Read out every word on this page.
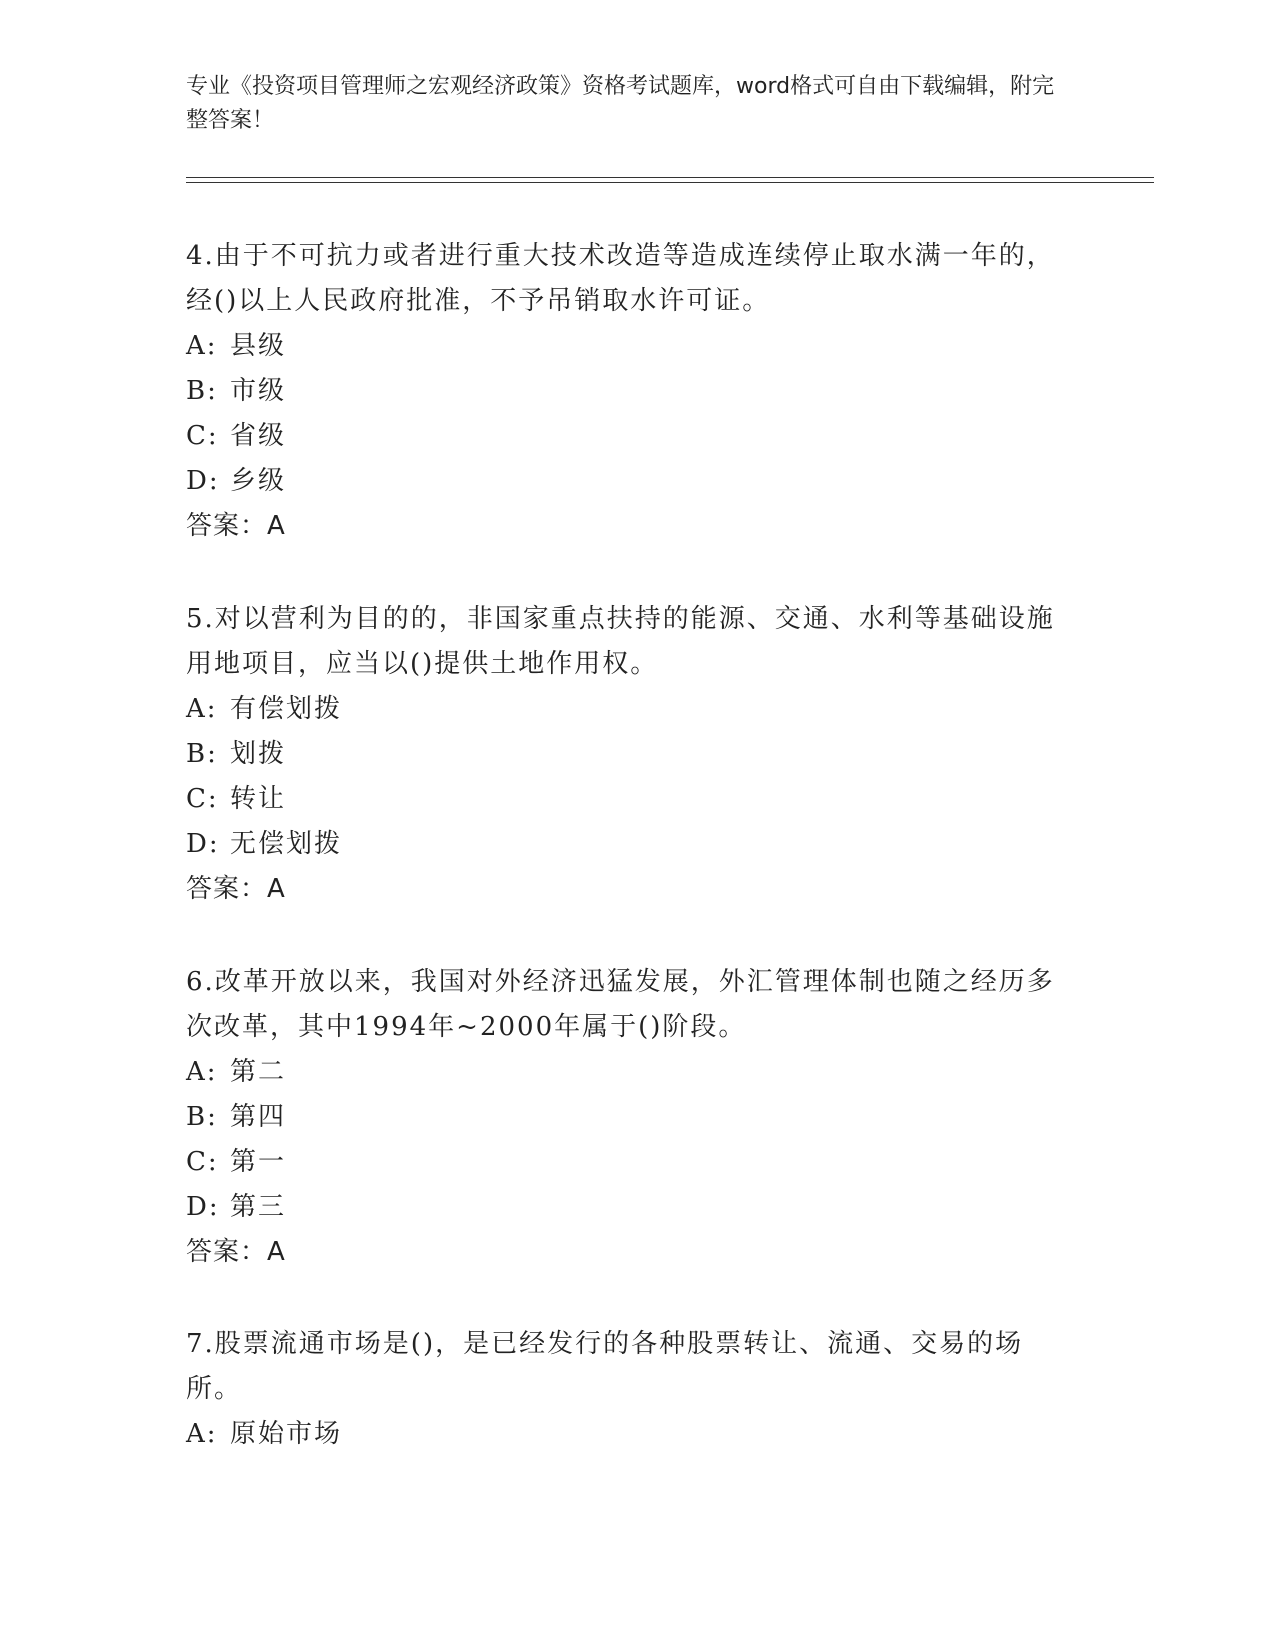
专业《投资项目管理师之宏观经济政策》资格考试题库，word格式可自由下载编辑，附完整答案！

4.由于不可抗力或者进行重大技术改造等造成连续停止取水满一年的，经()以上人民政府批准，不予吊销取水许可证。

A: 县级

B: 市级

C: 省级

D: 乡级

答案：A

5.对以营利为目的的，非国家重点扶持的能源、交通、水利等基础设施用地项目，应当以()提供土地作用权。

A: 有偿划拨

B: 划拨

C: 转让

D: 无偿划拨

答案：A

6.改革开放以来，我国对外经济迅猛发展，外汇管理体制也随之经历多次改革，其中1994年~2000年属于()阶段。

A: 第二

B: 第四

C: 第一

D: 第三

答案：A

7.股票流通市场是()，是已经发行的各种股票转让、流通、交易的场所。

A: 原始市场
